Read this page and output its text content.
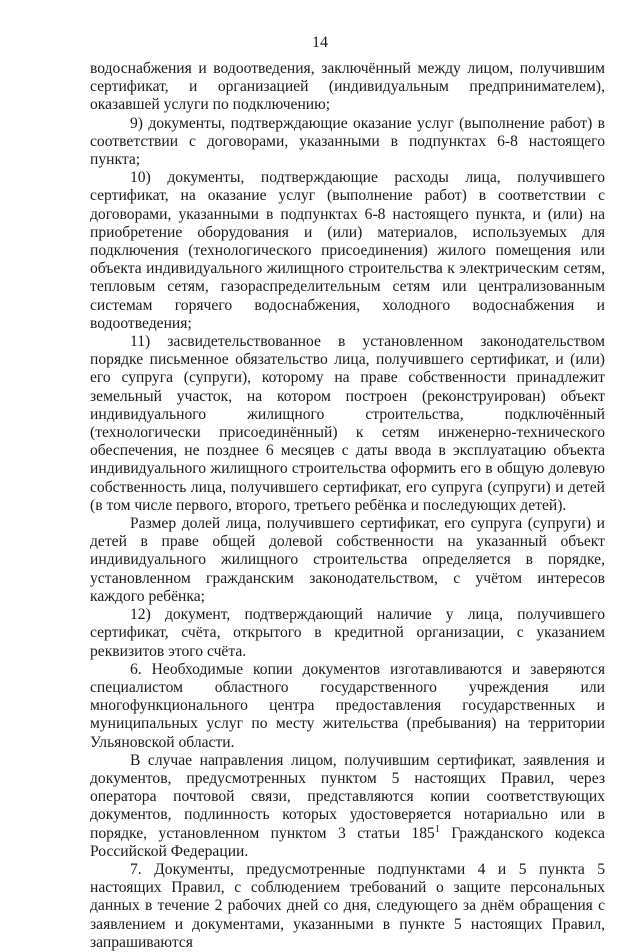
14

водоснабжения и водоотведения, заключённый между лицом, получившим сертификат, и организацией (индивидуальным предпринимателем), оказавшей услуги по подключению;

9) документы, подтверждающие оказание услуг (выполнение работ) в соответствии с договорами, указанными в подпунктах 6-8 настоящего пункта;

10) документы, подтверждающие расходы лица, получившего сертификат, на оказание услуг (выполнение работ) в соответствии с договорами, указанными в подпунктах 6-8 настоящего пункта, и (или) на приобретение оборудования и (или) материалов, используемых для подключения (технологического присоединения) жилого помещения или объекта индивидуального жилищного строительства к электрическим сетям, тепловым сетям, газораспределительным сетям или централизованным системам горячего водоснабжения, холодного водоснабжения и водоотведения;

11) засвидетельствованное в установленном законодательством порядке письменное обязательство лица, получившего сертификат, и (или) его супруга (супруги), которому на праве собственности принадлежит земельный участок, на котором построен (реконструирован) объект индивидуального жилищного строительства, подключённый (технологически присоединённый) к сетям инженерно-технического обеспечения, не позднее 6 месяцев с даты ввода в эксплуатацию объекта индивидуального жилищного строительства оформить его в общую долевую собственность лица, получившего сертификат, его супруга (супруги) и детей (в том числе первого, второго, третьего ребёнка и последующих детей).

Размер долей лица, получившего сертификат, его супруга (супруги) и детей в праве общей долевой собственности на указанный объект индивидуального жилищного строительства определяется в порядке, установленном гражданским законодательством, с учётом интересов каждого ребёнка;

12) документ, подтверждающий наличие у лица, получившего сертификат, счёта, открытого в кредитной организации, с указанием реквизитов этого счёта.

6. Необходимые копии документов изготавливаются и заверяются специалистом областного государственного учреждения или многофункционального центра предоставления государственных и муниципальных услуг по месту жительства (пребывания) на территории Ульяновской области.

В случае направления лицом, получившим сертификат, заявления и документов, предусмотренных пунктом 5 настоящих Правил, через оператора почтовой связи, представляются копии соответствующих документов, подлинность которых удостоверяется нотариально или в порядке, установленном пунктом 3 статьи $185^1$ Гражданского кодекса Российской Федерации.

7. Документы, предусмотренные подпунктами 4 и 5 пункта 5 настоящих Правил, с соблюдением требований о защите персональных данных в течение 2 рабочих дней со дня, следующего за днём обращения с заявлением и документами, указанными в пункте 5 настоящих Правил, запрашиваются
